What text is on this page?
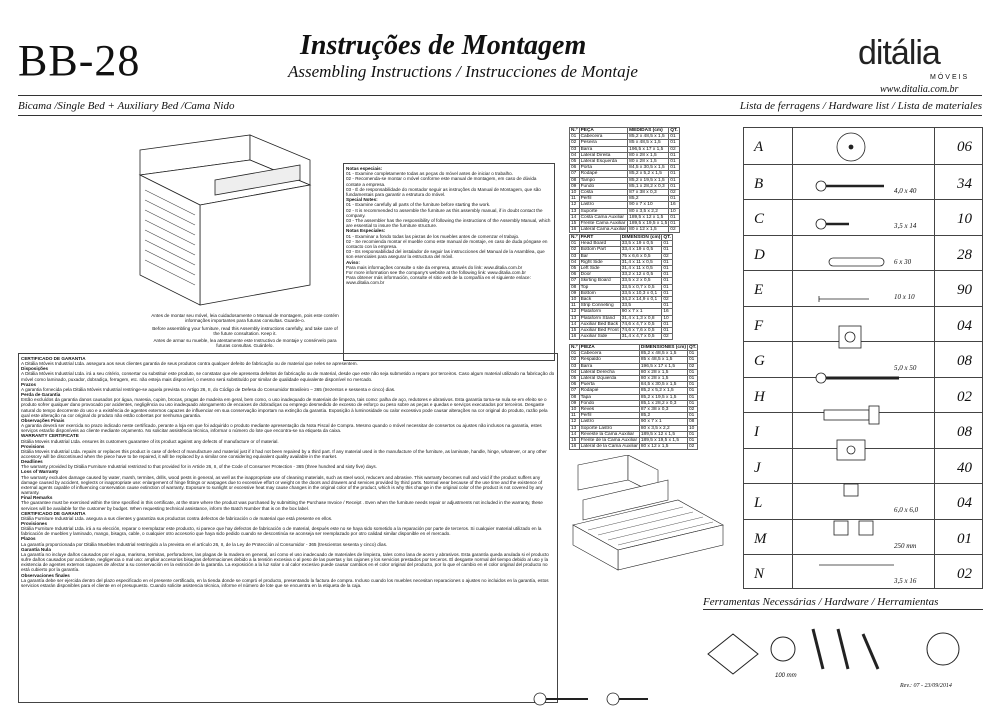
BB-28	Instruções de Montagem
Assembling Instructions / Instrucciones de Montaje	ditália
MÓVEIS
www.ditalia.com.br
Bicama /Single Bed + Auxiliary Bed /Cama Nido	Lista de ferragens / Hardware list / Lista de materiales
Antes de montar seu móvel, leia cuidadosamente o Manual de montagem, pois este contém informações importantes para futuras consultas. Guarde-o.
Before assembling your furniture, read this Assembly instructions carefully, and take care of the future consultation. Keep it.
Antes de armar su mueble, lea atentamente este Instructivo de montaje y consérvelo para futuras consultas. Guárdelo.
Notas especiais:
01 - Examine completamente todas as peças do móvel antes de iniciar o trabalho.
02 - Recomenda-se montar o móvel conforme este manual de montagem, em caso de dúvida contate a empresa.
03 - É de responsabilidade do montador seguir as instruções do Manual de Montagem, que são fundamentais para garantir a estrutura do móvel.
Special Notes:
01 - Examine carefully all parts of the furniture before starting the work.
02 - It is recommended to assemble the furniture as this assembly manual, if in doubt contact the company.
03 - The assembler has the responsibility of following the instructions of the Assembly Manual, which are essential to insure the furniture structure.
Notas Especiales:
01 - Examinar a fondo todas las piezas de los muebles antes de comenzar el trabajo.
02 - Se recomienda montar el mueble como este manual de montaje, en caso de duda póngase en contacto con la empresa.
03 - Es responsabilidad del instalador de seguir las instrucciones del Manual de la Asamblea, que son esenciales para asegurar la estructura del móvil.
Aviso:
Para mais informações consulte o site da empresa, através do link: www.ditalia.com.br
For more information see the company's website at the following link: www.ditalia.com.br
Para obtener más información, consulte el sitio web de la compañía en el siguiente enlace: www.ditalia.com.br

CERTIFICADO DE GARANTIA

A Ditália Móveis Industrial Ltda. assegura aos seus clientes garantia de seus produtos contra qualquer defeito de fabricação ou de material que neles se apresentem.

Disposições

A Ditália Móveis Industrial Ltda. irá a seu critério, consertar ou substituir este produto, se constatar que ele apresenta defeitos de fabricação ou de material, desde que este não seja submetido a reparo por terceiros. Caso algum material utilizado na fabricação do móvel como laminado, puxador, dobradiça, ferragem, etc. não esteja mais disponível, o mesmo será substituído por similar de qualidade equivalente disponível no mercado.

Prazos

A garantia fornecida pela Ditália Móveis Industrial restringe-se aquela prevista no Artigo 26, II, do Código de Defesa do Consumidor Brasileiro – 365 (trezentos e sessenta e cinco) dias.

Perda de Garantia

Estão excluídos da garantia danos causados por água, maresia, cupim, brocas, pragas de madeira em geral, bem como, o uso inadequado de materiais de limpeza, tais como: palha de aço, redutores e abrasivos. Esta garantia torna-se nula se em efeito se o produto sofrer qualquer dano provocado por acidentes, negligência ou uso inadequado alongamento de encaixes de dobradiças ou emprego desmedido de excesso de esforço ou peso sobre as peças e quedas e serviços executados por terceiros. Desgaste natural do tempo decorrente do uso e a existência de agentes externos capazes de influenciar em sua conservação importam na extinção da garantia. Exposição à luminosidade ou calor excessivo pode causar alterações na cor original do produto, razão pela qual este alteração na cor original do produto não estão cobertas por nenhuma garantia.

Observações Finais

A garantia deverá ser exercida no prazo indicado neste certificado, perante a loja em que foi adquirido o produto mediante apresentação da Nota Fiscal de Compra. Mesmo quando o móvel necessitar de consertos ou ajustes não inclusos na garantia, estes serviços estarão disponíveis ao cliente mediante orçamento. No solicitar assistência técnica, informar o número do lote que encontra-se na etiqueta da caixa.

WARRANTY CERTIFICATE

Ditália Moveis Industrial Ltda. ensures its customers guarantee of its product against any defects of manufacture or of material.

Provisions

Ditália Moveis Industrial Ltda. repairs or replaces this product in case of defect of manufacture and material just if it had not been repaired by a third part. If any material used in the manufacture of the furniture, as laminate, handle, hinge, whatever, or any other accessory will be discontinued when the piece have to be repaired, it will be replaced by a similar one considering equivalent quality available in the market.

Deadlines

The warranty provided by Ditália Furniture Industrial restricted to that provided for in Article 26, II, of the Code of Consumer Protection - 365 (three hundred and sixty five) days.

Loss of Warranty

The warranty excludes damage caused by water, marsh, termites, drills, wood pests in general, as well as the inappropriate use of cleaning materials, such as steel wool, reducers and abrasive. This warranty becomes null and void if the product suffers any damage caused by accident, neglects or inappropriate use: enlargement of hinge fittings or warpages due to excessive effort or weight on the doors and drawers and services provided by third parts. Normal wear because of the use time and the existence of external agents capable of influencing conservation cause extinction of warranty. Exposure to sunlight or excessive heat may cause changes in the original color of the product, which is why this change in the original color of the product is not covered by any warranty.

Final Remarks

The guarantee must be exercised within the time specified in this certificate, at the store where the product was purchased by submitting the Purchase Invoice / Receipt . Even when the furniture needs repair or adjustments not included in the warranty, these services will be available for the customer by budget. When requesting technical assistance, inform the Batch Number that is on the box label.

CERTIFICADO DE GARANTIA

Ditália Furniture Industrial Ltda. asegura a sus clientes y garantiza sus productos contra defectos de fabricación o de material que está presente en ellos.

Provisiones

Ditália Furniture Industrial Ltda. irá a su elección, reparar o reemplazar este producto, si parece que hay defectos de fabricación o de material, después este no se haya sido sometido a la reparación por parte de terceros. Si cualquier material utilizado en la fabricación de muebles y laminado, mango, bisagra, cable, o cualquier otro accesorio que haya sido pedido cuando se descontinúa se aconseja ser reemplazado por otro calidad similar disponible en el mercado.

Plazos

La garantía proporcionada por Ditália Muebles Industrial restringido a la prevista en el artículo 26, II, de la Ley de Protección al Consumidor - 365 (trescientos sesenta y cinco) días.

Garantía Nula

La garantía no incluye daños causados por el agua, marisma, termitas, perforadores, las plagas de la madera en general, así como el uso inadecuado de materiales de limpieza, tales como lana de acero y abrasivos. Esta garantía queda anulada si el producto sufre daños causados por accidente, negligencia o mal uso: ampliar accesorios bisagras deformaciones debido a la tensión excesiva o al peso de las puertas y los cajones y los servicios prestados por terceros. El desgaste normal del tiempo debido al uso y la existencia de agentes externos capaces de afectar a su conservación en la extinción de la garantía. La exposición a la luz solar o al calor excesivo puede causar cambios en el color original del producto, por lo que el cambio en el color original del producto no está cubierto por la garantía.

Observaciones finales

La garantía debe ser ejercida dentro del plazo especificado en el presente certificado, en la tienda donde se compró el producto, presentando la factura de compra. Incluso cuando los muebles necesitan reparaciones o ajustes no incluidos en la garantía, estos servicios estarán disponibles para el cliente en el presupuesto. Cuando solicite asistencia técnica, informe el número de lote que se encuentra en la etiqueta de la caja.

N.º	PEÇA	MEDIDAS (cm)	QT.
01	Cabeceira	85,2 x 48,5 x 1,5	01
02	Peseira	85 x 48,5 x 1,5	01
03	Barra	196,5 x 17 x 1,5	02
04	Lateral Direita	80 x 28 x 1,5	01
05	Lateral Esquerda	80 x 28 x 1,5	01
06	Porta	84,5 x 30,5 x 1,5	01
07	Rodapé	85,2 x 5,2 x 1,5	01
08	Tampo	85,2 x 19,5 x 1,5	01
09	Fundo	85,1 x 28,2 x 0,3	01
10	Costa	87 x 38 x 0,3	02
11	Perfil	85,2	01
12	Lastro	90 x 7 x 10	16
13	Suporte	80 x 3,5 x 2,2	10
14	Costa Cama Auxiliar	189,5 x 12 x 1,5	01
15	Frente Cama Auxiliar	189,5 x 19,5 x 1,5	01
16	Lateral Cama Auxiliar	80 x 12 x 1,5	02
N.º	PART	DIMENSION (cm)	QT.
01	Head Board	33,5 x 19 x 0,5	01
02	Bottom Part	33,4 x 19 x 0,5	01
03	Bar	75 x 6,6 x 0,5	02
04	Right Side	31,4 x 11 x 0,5	01
05	Left Side	31,4 x 11 x 0,5	01
06	Door	33,2 x 12 x 0,5	01
07	Skirting Board	33,5 x 2 x 0,5	01
08	Top	33,5 x 0,7 x 0,5	01
09	Bottom	33,5 x 10,3 x 0,1	01
10	Back	34,2 x 14,9 x 0,1	02
11	Strip Conneting	33,5	01
12	Plataform	90 x 7 x 1	16
13	Plataform Stand	31,4 x 1,3 x 0,8	10
14	Auxiliar Bed Back	74,6 x 4,7 x 0,5	01
15	Auxiliar Bed Front	74,6 x 7,6 x 0,5	01
16	Auxiliar Side	31,4 x 4,7 x 0,5	02
N.º	PIEZA	DIMENSIONES (cm)	QT.
01	Cabecera	85,2 x 48,5 x 1,5	01
02	Respaldo	85 x 48,5 x 1,5	01
03	Barra	196,5 x 17 x 1,5	02
04	Lateral Derecha	80 x 28 x 1,5	01
05	Lateral Izquierda	80 x 28 x 1,5	01
06	Puerta	84,5 x 30,5 x 1,5	01
07	Rodapié	85,2 x 5,2 x 1,5	01
08	Tapa	85,2 x 19,5 x 1,5	01
09	Fondo	85,1 x 28,2 x 0,3	01
10	Reves	87 x 38 x 0,3	02
11	Perfil	85,2	01
12	Lastro	90 x 7 x 1	08
13	Soporte Lastro	80 x 3,5 x 2,2	10
14	Reveste la Cama Auxiliar	189,5 x 12 x 1,5	01
15	Frente de la Cama Auxiliar	189,5 x 19,5 x 1,5	01
16	Lateral de la Cama Auxiliar	80 x 12 x 1,5	02
A	06
B	34
4,0 x 40
C	10
3,5 x 14
D	28
6 x 30
E	90
10 x 10
F	04
G	08
5,0 x 50
H	02
I	08
J	40
L	04
6,0 x 6,0
M	01
250 mm
N	02
3,5 x 16
Ferramentas Necessárias / Hardware / Herramientas
100 mm
Rev.: 07 - 23/09/2014
